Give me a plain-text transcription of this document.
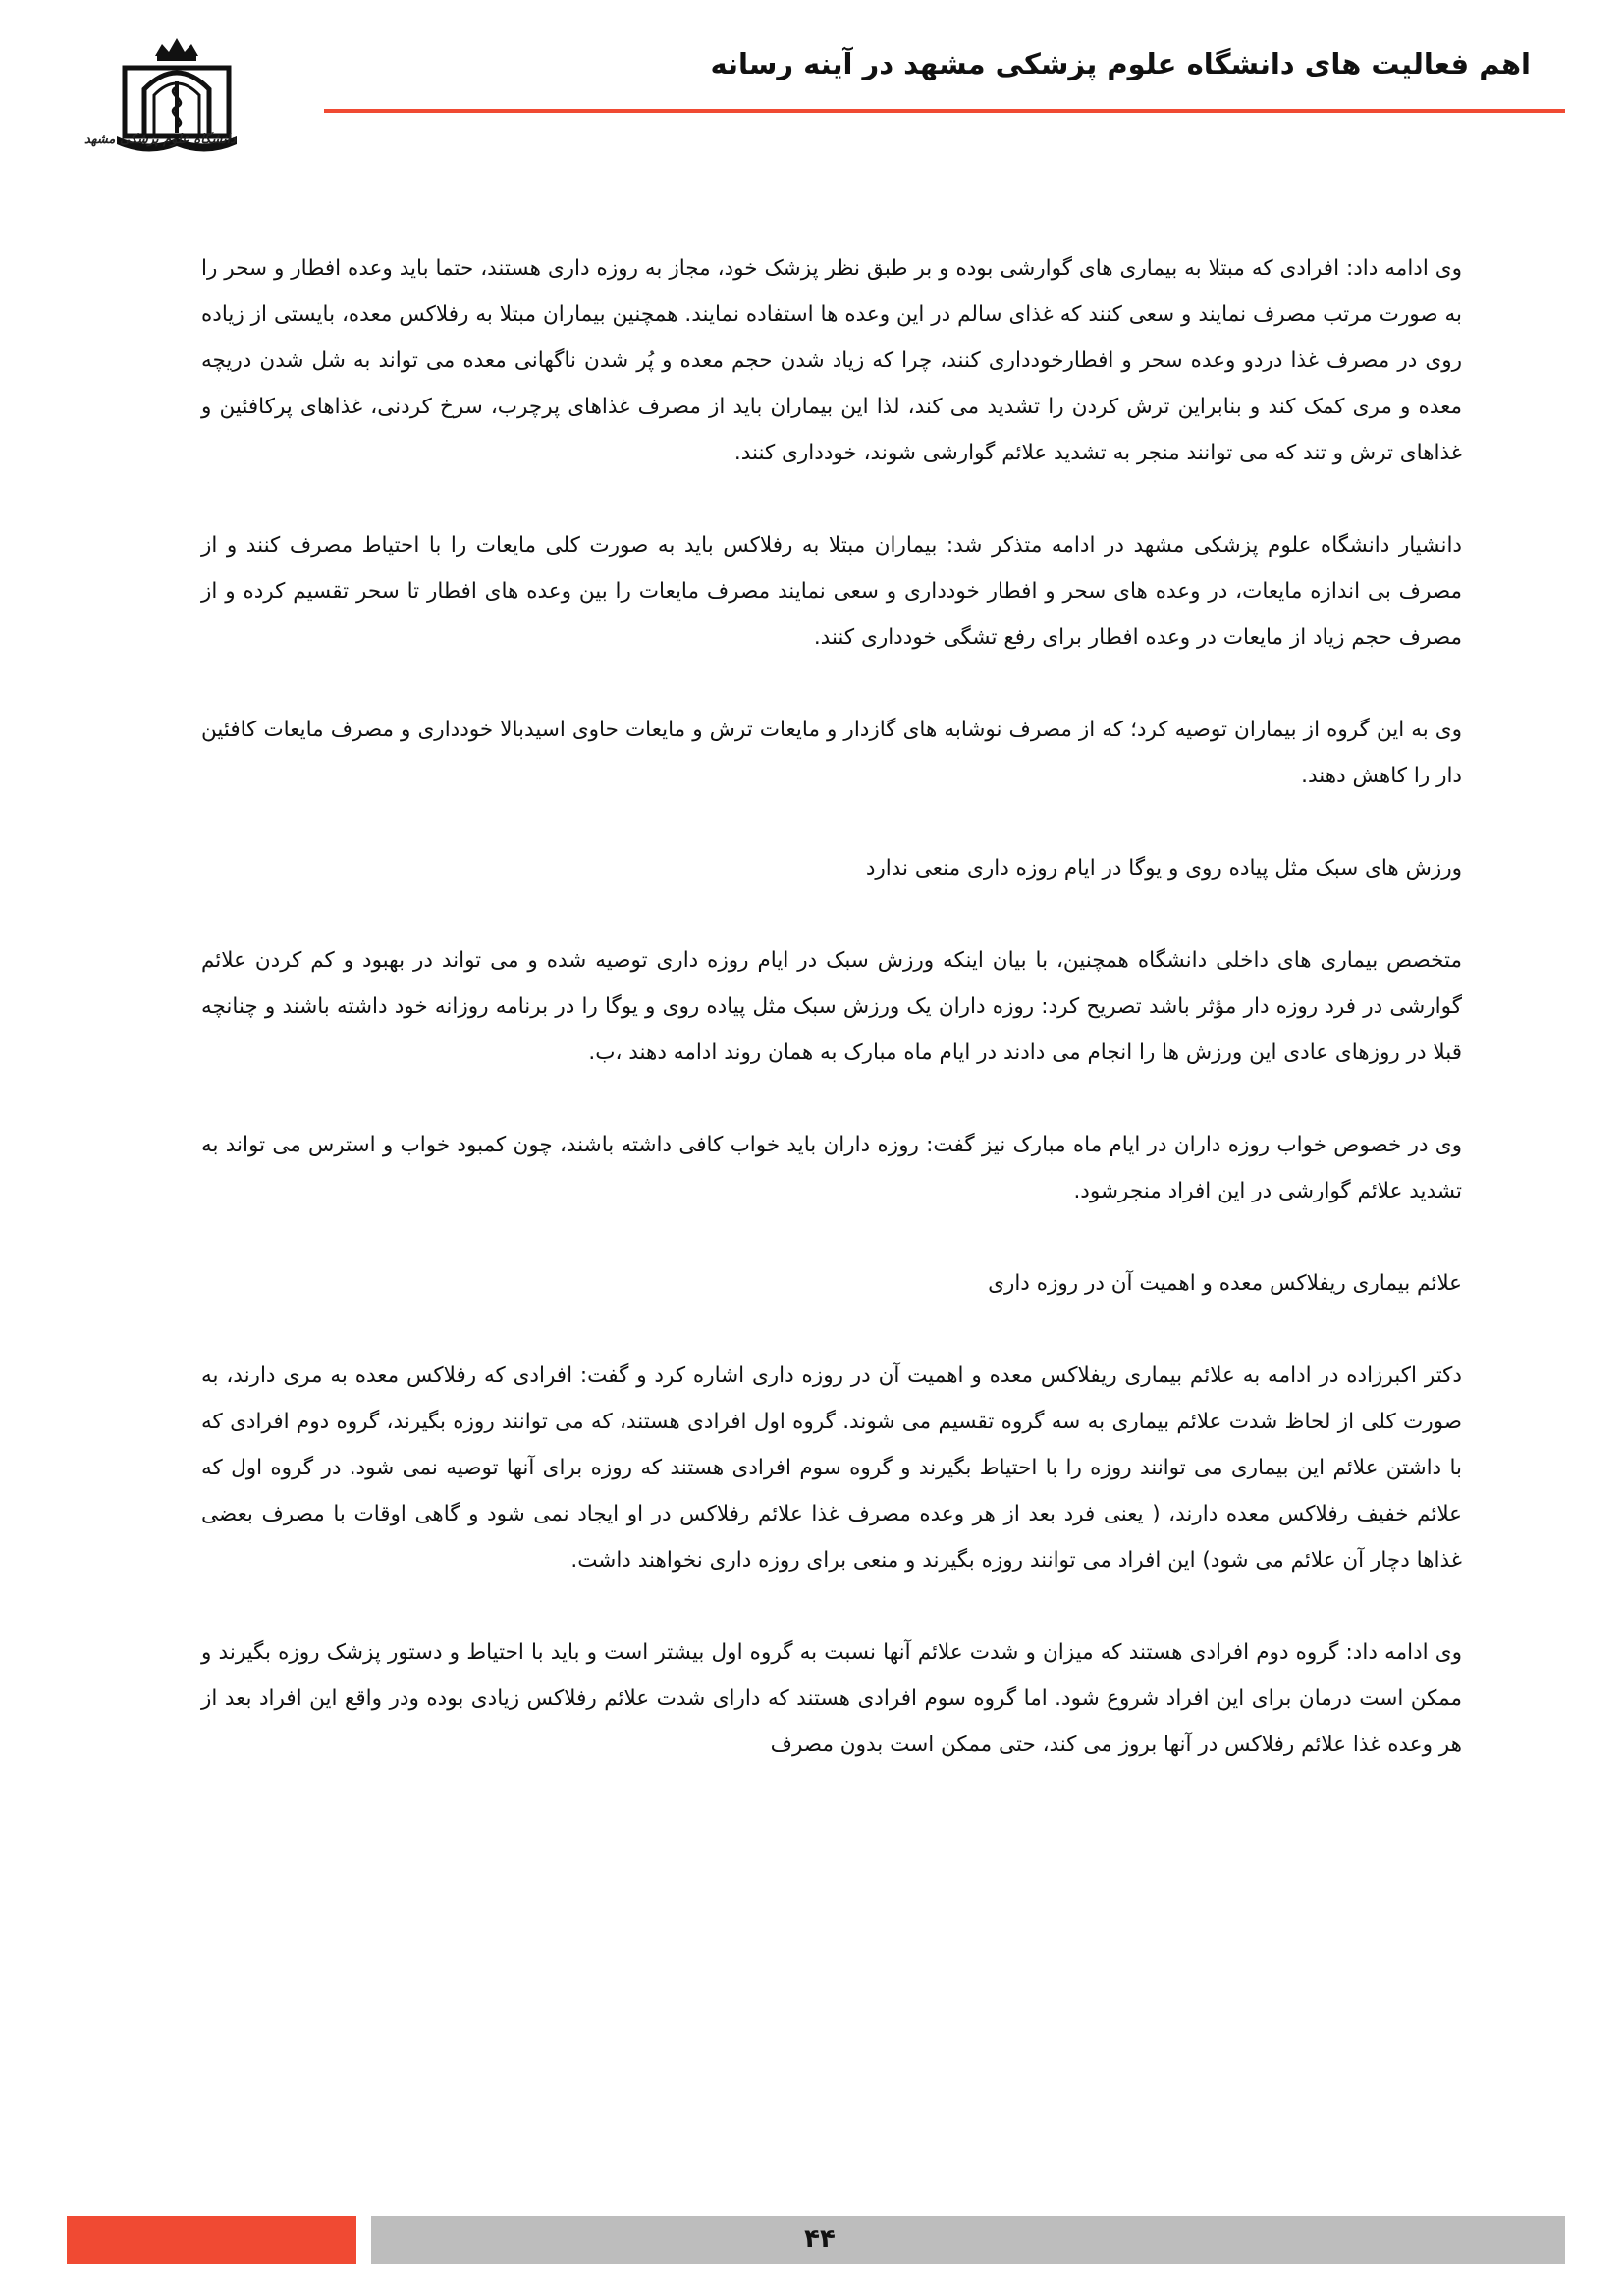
اهم فعالیت های دانشگاه علوم پزشکی مشهد در آینه رسانه
دانشگاه علوم پزشکی مشهد

وی ادامه داد: افرادی که مبتلا به بیماری های گوارشی بوده و بر طبق نظر پزشک خود، مجاز به روزه داری هستند، حتما باید وعده افطار و سحر را به صورت مرتب مصرف نمایند و سعی کنند که غذای سالم در این وعده ها استفاده نمایند. همچنین بیماران مبتلا به رفلاکس معده، بایستی از زیاده روی در مصرف غذا دردو وعده سحر و افطارخودداری کنند، چرا که زیاد شدن حجم معده و پُر شدن ناگهانی معده می تواند به شل شدن دریچه معده و مری کمک کند و بنابراین ترش کردن را تشدید می کند، لذا این بیماران باید از مصرف غذاهای پرچرب، سرخ کردنی، غذاهای پرکافئین و غذاهای ترش و تند که می توانند منجر به تشدید علائم گوارشی شوند، خودداری کنند.

دانشیار دانشگاه علوم پزشکی مشهد در ادامه متذکر شد: بیماران مبتلا به رفلاکس باید به صورت کلی مایعات را با احتیاط مصرف کنند و از مصرف بی اندازه مایعات، در وعده های سحر و افطار خودداری و سعی نمایند مصرف مایعات را بین وعده های افطار تا سحر تقسیم کرده و از مصرف حجم زیاد از مایعات در وعده افطار برای رفع تشگی خودداری کنند.

وی به این گروه از بیماران توصیه کرد؛ که از مصرف نوشابه های گازدار و مایعات ترش و مایعات حاوی اسیدبالا خودداری و مصرف مایعات کافئین دار را کاهش دهند.

ورزش های سبک مثل پیاده روی و یوگا در ایام روزه داری منعی ندارد

متخصص بیماری های داخلی دانشگاه همچنین، با بیان اینکه ورزش سبک در ایام روزه داری توصیه شده و می تواند در بهبود و کم کردن علائم گوارشی در فرد روزه دار مؤثر باشد تصریح کرد: روزه داران یک ورزش سبک مثل پیاده روی و یوگا را در برنامه روزانه خود داشته باشند و چنانچه قبلا در روزهای عادی این ورزش ها را انجام می دادند در ایام ماه مبارک به همان روند ادامه دهند ،ب.

وی در خصوص خواب روزه داران در ایام ماه مبارک نیز گفت: روزه داران باید خواب کافی داشته باشند، چون کمبود خواب و استرس می تواند به تشدید علائم گوارشی در این افراد منجرشود.

علائم بیماری ریفلاکس معده و اهمیت آن در روزه داری

دکتر اکبرزاده در ادامه به علائم بیماری ریفلاکس معده و اهمیت آن در روزه داری اشاره کرد و گفت: افرادی که رفلاکس معده به مری دارند، به صورت کلی از لحاظ شدت علائم بیماری به سه گروه تقسیم می شوند. گروه اول افرادی هستند، که می توانند روزه بگیرند، گروه دوم افرادی که با داشتن علائم این بیماری می توانند روزه را با احتیاط بگیرند و گروه سوم افرادی هستند که روزه برای آنها توصیه نمی شود. در گروه اول که علائم خفیف رفلاکس معده دارند، ( یعنی فرد بعد از هر وعده مصرف غذا علائم رفلاکس در او ایجاد نمی شود و گاهی اوقات با مصرف بعضی غذاها دچار آن علائم می شود) این افراد می توانند روزه بگیرند و منعی برای روزه داری نخواهند داشت.

وی ادامه داد: گروه دوم افرادی هستند که میزان و شدت علائم آنها نسبت به گروه اول بیشتر است و باید با احتیاط و دستور پزشک روزه بگیرند و ممکن است درمان برای این افراد شروع شود. اما گروه سوم افرادی هستند که دارای شدت علائم رفلاکس زیادی بوده ودر واقع این افراد بعد از هر وعده غذا علائم رفلاکس در آنها بروز می کند، حتی ممکن است بدون مصرف

۴۴
